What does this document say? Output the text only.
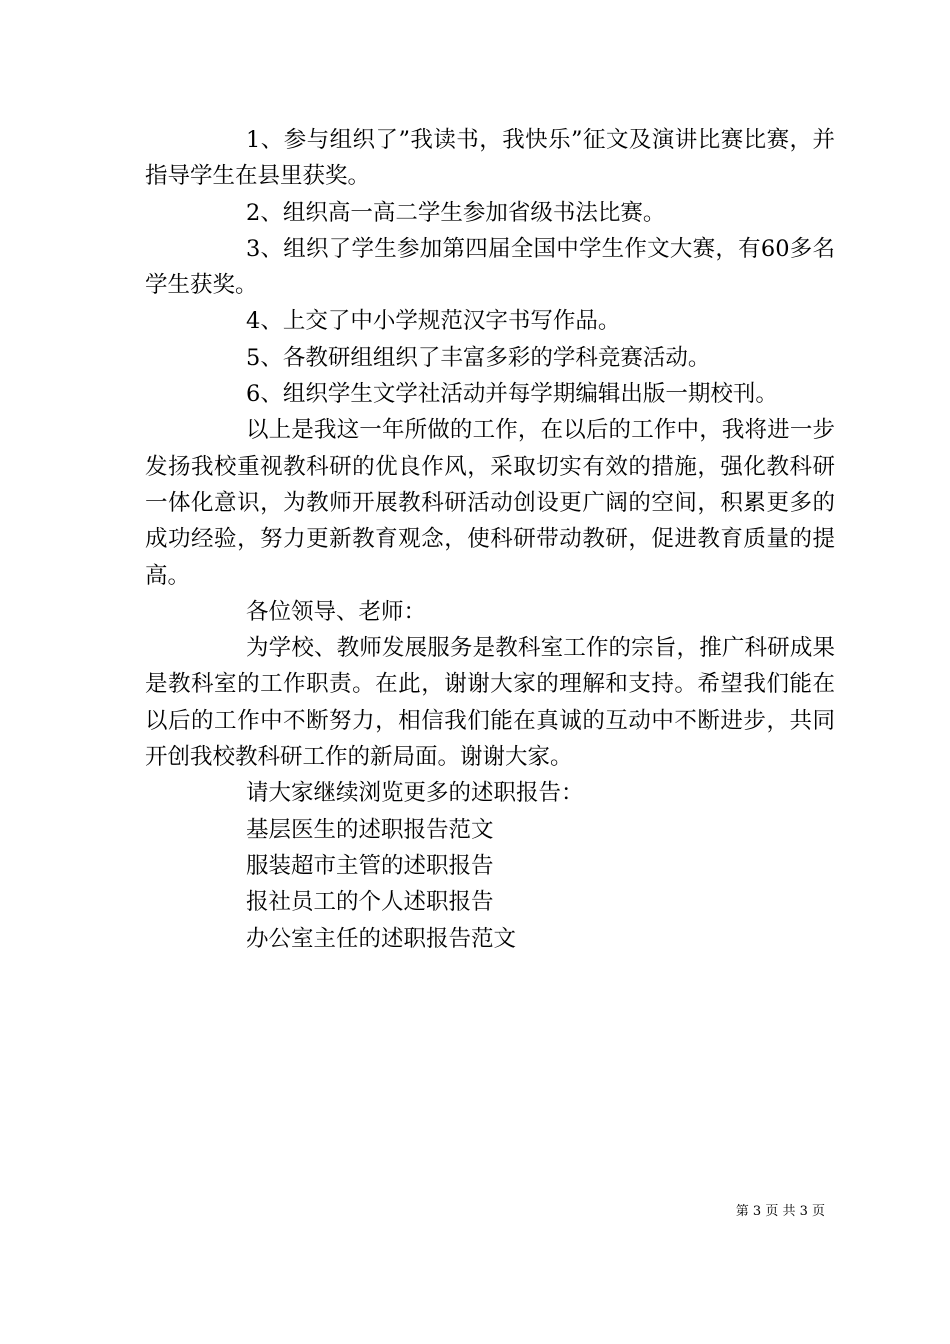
1、参与组织了”我读书，我快乐”征文及演讲比赛比赛，并指导学生在县里获奖。

2、组织高一高二学生参加省级书法比赛。

3、组织了学生参加第四届全国中学生作文大赛，有60多名学生获奖。

4、上交了中小学规范汉字书写作品。

5、各教研组组织了丰富多彩的学科竞赛活动。

6、组织学生文学社活动并每学期编辑出版一期校刊。

以上是我这一年所做的工作，在以后的工作中，我将进一步发扬我校重视教科研的优良作风，采取切实有效的措施，强化教科研一体化意识，为教师开展教科研活动创设更广阔的空间，积累更多的成功经验，努力更新教育观念，使科研带动教研，促进教育质量的提高。

各位领导、老师：

为学校、教师发展服务是教科室工作的宗旨，推广科研成果是教科室的工作职责。在此，谢谢大家的理解和支持。希望我们能在以后的工作中不断努力，相信我们能在真诚的互动中不断进步，共同开创我校教科研工作的新局面。谢谢大家。

请大家继续浏览更多的述职报告：

基层医生的述职报告范文

服装超市主管的述职报告

报社员工的个人述职报告

办公室主任的述职报告范文

第 3 页 共 3 页
